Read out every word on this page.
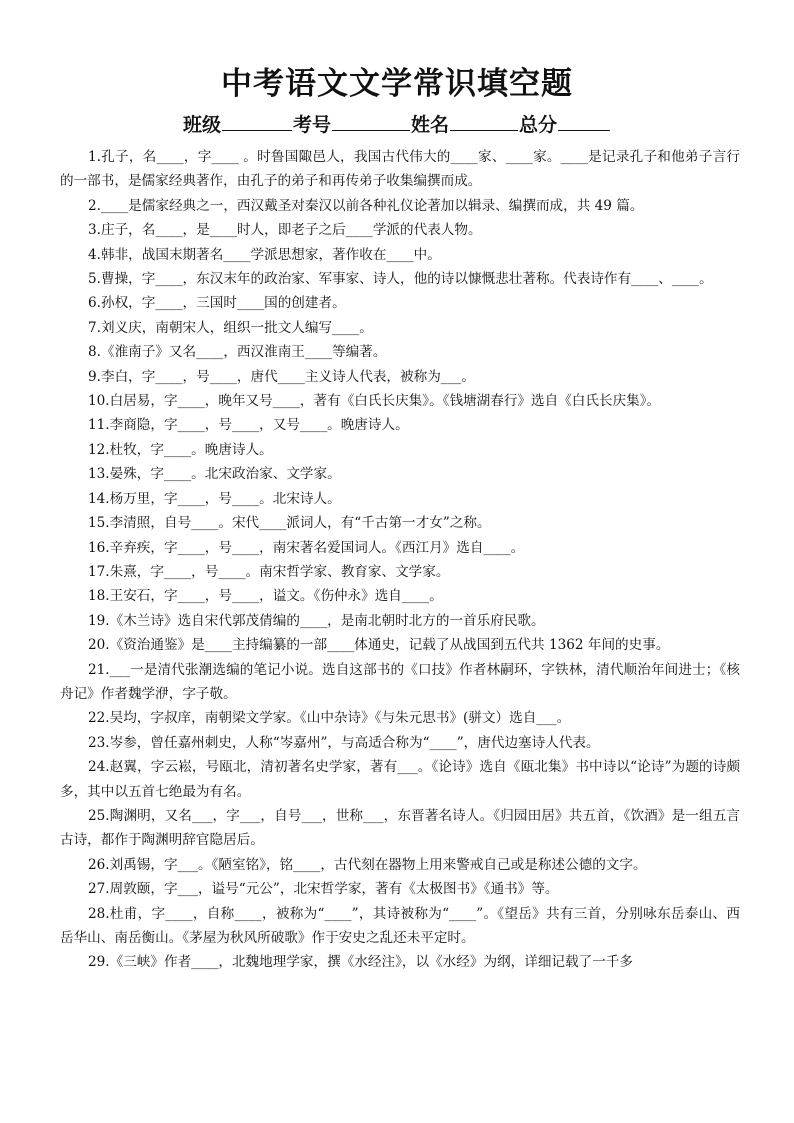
中考语文文学常识填空题
班级	考号	姓名	总分

1.孔子，名____，字____ 。时鲁国陬邑人，我国古代伟大的____家、____家。____是记录孔子和他弟子言行的一部书，是儒家经典著作，由孔子的弟子和再传弟子收集编撰而成。

2.____是儒家经典之一，西汉戴圣对秦汉以前各种礼仪论著加以辑录、编撰而成，共 49 篇。

3.庄子，名____，是____时人，即老子之后____学派的代表人物。

4.韩非，战国末期著名____学派思想家，著作收在____中。

5.曹操，字____，东汉末年的政治家、军事家、诗人，他的诗以慷慨悲壮著称。代表诗作有____、____。

6.孙权，字____，三国时____国的创建者。

7.刘义庆，南朝宋人，组织一批文人编写____。

8.《淮南子》又名____，西汉淮南王____等编著。

9.李白，字____，号____，唐代____主义诗人代表，被称为___。

10.白居易，字____，晚年又号____，著有《白氏长庆集》。《钱塘湖春行》选自《白氏长庆集》。

11.李商隐，字____，号____，又号____。晚唐诗人。

12.杜牧，字____。晚唐诗人。

13.晏殊，字____。北宋政治家、文学家。

14.杨万里，字____，号____。北宋诗人。

15.李清照，自号____。宋代____派词人，有“千古第一才女”之称。

16.辛弃疾，字____，号____，南宋著名爱国词人。《西江月》选自____。

17.朱熹，字____，号____。南宋哲学家、教育家、文学家。

18.王安石，字____，号____，谥文。《伤仲永》选自____。

19.《木兰诗》选自宋代郭茂倩编的____，是南北朝时北方的一首乐府民歌。

20.《资治通鉴》是____主持编纂的一部____体通史，记载了从战国到五代共 1362 年间的史事。

21.___一是清代张潮选编的笔记小说。选自这部书的《口技》作者林嗣环，字铁林，清代顺治年间进士；《核舟记》作者魏学洢，字子敬。

22.吴均，字叔庠，南朝梁文学家。《山中杂诗》《与朱元思书》(骈文）选自___。

23.岑参，曾任嘉州刺史，人称“岑嘉州”，与高适合称为“____”，唐代边塞诗人代表。

24.赵翼，字云崧，号瓯北，清初著名史学家，著有___。《论诗》选自《瓯北集》书中诗以“论诗”为题的诗颇多，其中以五首七绝最为有名。

25.陶渊明，又名___，字___，自号___，世称___，东晋著名诗人。《归园田居》共五首，《饮酒》是一组五言古诗，都作于陶渊明辞官隐居后。

26.刘禹锡，字___。《陋室铭》，铭____，古代刻在器物上用来警戒自己或是称述公德的文字。

27.周敦颐，字___，谥号“元公”，北宋哲学家，著有《太极图书》《通书》等。

28.杜甫，字____，自称____，被称为“____”，其诗被称为“____”。《望岳》共有三首，分别咏东岳泰山、西岳华山、南岳衡山。《茅屋为秋风所破歌》作于安史之乱还未平定时。

29.《三峡》作者____，北魏地理学家，撰《水经注》，以《水经》为纲，详细记载了一千多
